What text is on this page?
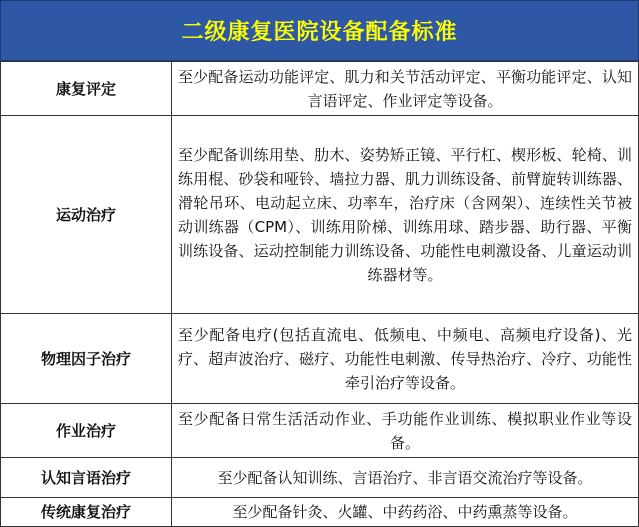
二级康复医院设备配备标准
康复评定	至少配备运动功能评定、肌力和关节活动评定、平衡功能评定、认知言语评定、作业评定等设备。
运动治疗	至少配备训练用垫、肋木、姿势矫正镜、平行杠、楔形板、轮椅、训练用棍、砂袋和哑铃、墙拉力器、肌力训练设备、前臂旋转训练器、滑轮吊环、电动起立床、功率车，治疗床（含网架）、连续性关节被动训练器（CPM）、训练用阶梯、训练用球、踏步器、助行器、平衡训练设备、运动控制能力训练设备、功能性电刺激设备、儿童运动训练器材等。
物理因子治疗	至少配备电疗(包括直流电、低频电、中频电、高频电疗设备)、光疗、超声波治疗、磁疗、功能性电刺激、传导热治疗、冷疗、功能性牵引治疗等设备。
作业治疗	至少配备日常生活活动作业、手功能作业训练、模拟职业作业等设备。
认知言语治疗	至少配备认知训练、言语治疗、非言语交流治疗等设备。
传统康复治疗	至少配备针灸、火罐、中药药浴、中药熏蒸等设备。
